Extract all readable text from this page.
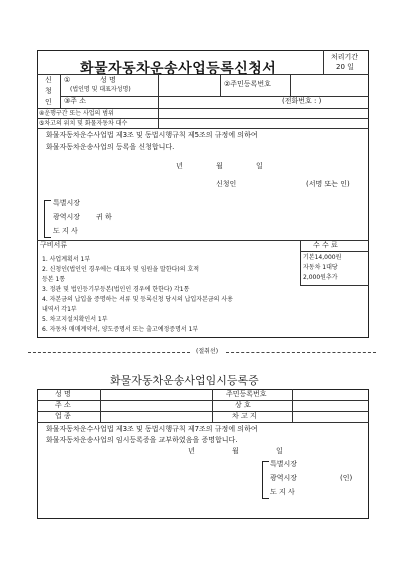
화물자동차운송사업등록신청서
처리기간
20 일
신
청
인
①	성 명
(법인명 및 대표자성명)
②주민등록번호
③주 소	(전화번호 : )
④운행구간 또는 사업의 범위
⑤차고의 위치 및 화물자동차 대수
화물자동차운수사업법 제3조 및 동법시행규칙 제5조의 규정에 의하여
화물자동차운송사업의 등록을 신청합니다.
년	월	일
신청인	(서명 또는 인)
특별시장
광역시장
도 지 사
귀 하
구비서류
1. 사업계획서 1부
2. 신청인(법인인 경우에는 대표자 및 임원을 말한다)의 호적
등본 1통
3. 정관 및 법인등기부등본(법인인 경우에 한한다) 각1통
4. 자본금의 납입을 증명하는 서류 및 등록신청 당시의 납입자본금의 사용
내역서 각1부
5. 차고지설치확인서 1부
6. 자동차 매매계약서, 양도증명서 또는 출고예정증명서 1부
수 수 료
기본14,000원
자동차 1대당
2,000원추가
(절취선)
화물자동차운송사업임시등록증
성 명	주민등록번호
주 소	상 호
업 종	차 고 지
화물자동차운수사업법 제3조 및 동법시행규칙 제7조의 규정에 의하여
화물자동차운송사업의 임시등록증을 교부하였음을 증명합니다.
년	월	일
특별시장
광역시장
도 지 사
(인)
